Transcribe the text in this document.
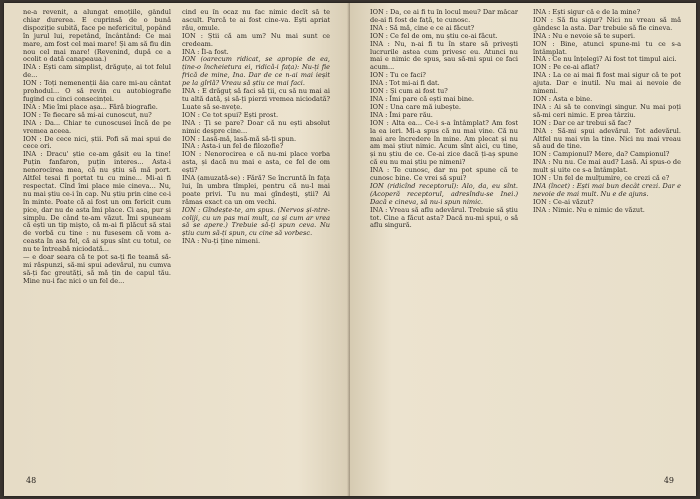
ne-a revenit, a alungat emoțiile, gândul chiar durerea. E cuprinsă de o bună dispoziție subită, face pe nefericitul, popând în jurul lui, repetând, încântând: Ce mai mare, am fost cel mai mare! Și am să fiu din nou cel mai mare! (Revenind, după ce a ocolit o dată canapeaua.)

INA : Ești cam simplist, drăguțe, ai tot felul de...

ION : Toți nemenenții ăia care mi-au cântat prohodul... O să revin cu autobiografie fugind cu cinci consecinței.

INA : Mie îmi place așa... Fără biografie.

ION : Te fiecare să mi-ai cunoscut, nu?

INA : Da... Chiar te cunoscusei încă de pe vremea aceea.

ION : De cece nici, știi. Pofi să mai spui de cece ori.

INA : Dracu' știe ce-am găsit eu la tine! Puțin fanfaron, puțin interes... Asta-i nenorocirea mea, că nu știu să mă port. Altfel tesai fi portat tu cu mine... Mi-ai fi respectat. Cînd îmi place mie cineva... Nu, nu mai știu ce-i în cap. Nu știu prin cine ce-i în minte. Poate că ai fost un om fericit cum pice, dar nu de asta îmi place. Ci asa, pur și simplu. De când te-am văzut. Îmi spuneam că ești un tip mișto, că m-ai fi plăcut să stai de vorbă cu tine : nu fusesem că vom a- ceasta în asa fel, că ai spus sînt cu totul, ce nu te întreabă niciodată...

— e doar seara că te pot sa-ți fie teamă să-mi răspunzi, să-mi spui adevărul, nu cumva să-ți fac greutăți, să mă țin de capul tău. Mine nu-i fac nici o un fel de...

cind eu în ocaz nu fac nimic decît să te ascult. Parcă te ai fost cine-va. Ești apriat rău, omule.

ION : Știi că am um? Nu mai sunt ce credeam.

INA : Îl-a fost.

ION (oarecum ridicat, se apropie de ea, ține-o încheietura ei, ridică-i fața): Nu-ți fie frică de mine, Ina. Dar de ce n-ai mai ieșit pe la gîrlă? Vreau să știu ce mai faci.

INA : E drăguț să faci să ții, cu să nu mai ai tu altă dată, și să-ți pierzi vremea niciodată? Luate să se-nvețe.

ION : Ce tot spui? Ești prost.

INA : Ți se pare? Doar că nu ești absolut nimic despre cine...

ION : Lasă-mă, lasă-mă să-ți spun.

INA : Asta-i un fel de filozofie?

ION : Nenorocirea e că nu-mi place vorba asta, și dacă nu mai e asta, ce fel de om ești?

INA (amuzată-se) : Fără? Se încruntă în fața lui, în umbra tîmplei, pentru că nu-l mai poate privi. Tu nu mai gîndești, știi? Ai rămas exact ca un om vechi.

ION : Gîndește-te, am spus. (Nervos și-ntre- coliji, cu un pas mai mult, ca și cum ar vrea să se apere.) Trebuie să-ți spun ceva. Nu știu cum să-ți spun, cu cine să vorbesc.

INA : Nu-ți ține nimeni.

48

ION : Da, ce ai fi tu în locul meu? Dar măcar de-ai fi fost de față, te cunosc.

INA : Să mă, cine e ce ai făcut?

ION : Ce fel de om, nu știu ce-ai făcut.

INA : Nu, n-ai fi tu în stare să privești lucrurile astea cum privesc eu. Atunci nu mai e nimic de spus, sau să-mi spui ce faci acum...

ION : Tu ce faci?

INA : Tot mi-ai fi dat.

ION : Și cum ai fost tu?

INA : Îmi pare că ești mai bine.

ION : Una care mă iubește.

INA : Îmi pare rău.

ION : Alta ea... Ce-i s-a întâmplat? Am fost la ea ieri. Mi-a spus că nu mai vine. Că nu mai are încredere în mine. Am plecat și nu am mai știut nimic. Acum sînt aici, cu tine, și nu știu de ce. Ce-ai zice dacă ți-aș spune că eu nu mai știu pe nimeni?

INA : Te cunosc, dar nu pot spune că te cunosc bine. Ce vrei să spui?

ION (ridicînd receptorul): Alo, da, eu sînt. (Acoperă receptorul, adresîndu-se Inei.) Dacă e cineva, să nu-i spun nimic.

INA : Vreau să aflu adevărul. Trebuie să știu tot. Cine a făcut asta? Dacă nu-mi spui, o să aflu singură.

INA : Ești sigur că e de la mine?

ION : Să fiu sigur? Nici nu vreau să mă gândesc la asta. Dar trebuie să fie cineva.

INA : Nu e nevoie să te superi.

ION : Bine, atunci spune-mi tu ce s-a întâmplat.

INA : Ce nu înțelegi? Ai fost tot timpul aici.

ION : Pe ce-ai aflat?

INA : La ce ai mai fi fost mai sigur că te pot ajuta. Dar e inutil. Nu mai ai nevoie de nimeni.

ION : Asta e bine.

INA : Ai să te convingi singur. Nu mai poți să-mi ceri nimic. E prea târziu.

ION : Dar ce ar trebui să fac?

INA : Să-mi spui adevărul. Tot adevărul. Altfel nu mai vin la tine. Nici nu mai vreau să aud de tine.

ION : Campionul? Mere, da? Campionul?

INA : Nu nu. Ce mai aud? Lasă. Ai spus-o de mult și uite ce s-a întâmplat.

ION : Un fel de mulțumire, ce crezi că e?

INA (încet) : Ești mai bun decât crezi. Dar e nevoie de mai mult. Nu e de ajuns.

ION : Ce-ai văzut?

INA : Nimic. Nu e nimic de văzut.

49
